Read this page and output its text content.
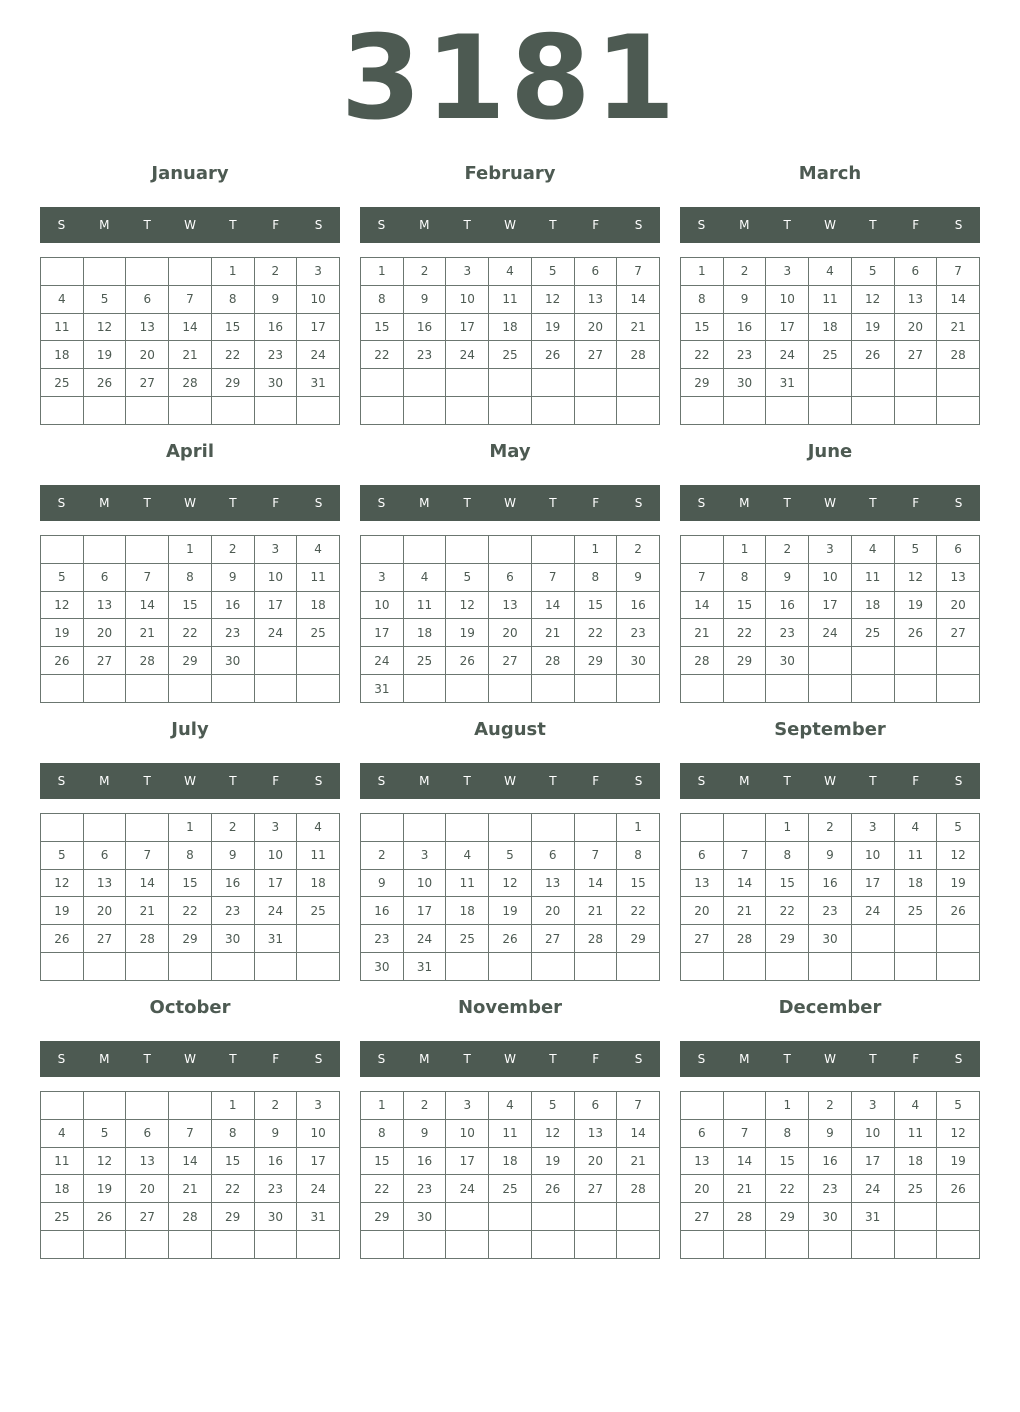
3181
January
S	M	T	W	T	F	S
				1	2	3
4	5	6	7	8	9	10
11	12	13	14	15	16	17
18	19	20	21	22	23	24
25	26	27	28	29	30	31

February
S	M	T	W	T	F	S
1	2	3	4	5	6	7
8	9	10	11	12	13	14
15	16	17	18	19	20	21
22	23	24	25	26	27	28

March
S	M	T	W	T	F	S
1	2	3	4	5	6	7
8	9	10	11	12	13	14
15	16	17	18	19	20	21
22	23	24	25	26	27	28
29	30	31				

April
S	M	T	W	T	F	S
			1	2	3	4
5	6	7	8	9	10	11
12	13	14	15	16	17	18
19	20	21	22	23	24	25
26	27	28	29	30		

May
S	M	T	W	T	F	S
					1	2
3	4	5	6	7	8	9
10	11	12	13	14	15	16
17	18	19	20	21	22	23
24	25	26	27	28	29	30
31						
June
S	M	T	W	T	F	S
	1	2	3	4	5	6
7	8	9	10	11	12	13
14	15	16	17	18	19	20
21	22	23	24	25	26	27
28	29	30				

July
S	M	T	W	T	F	S
			1	2	3	4
5	6	7	8	9	10	11
12	13	14	15	16	17	18
19	20	21	22	23	24	25
26	27	28	29	30	31	

August
S	M	T	W	T	F	S
						1
2	3	4	5	6	7	8
9	10	11	12	13	14	15
16	17	18	19	20	21	22
23	24	25	26	27	28	29
30	31					
September
S	M	T	W	T	F	S
		1	2	3	4	5
6	7	8	9	10	11	12
13	14	15	16	17	18	19
20	21	22	23	24	25	26
27	28	29	30			

October
S	M	T	W	T	F	S
				1	2	3
4	5	6	7	8	9	10
11	12	13	14	15	16	17
18	19	20	21	22	23	24
25	26	27	28	29	30	31

November
S	M	T	W	T	F	S
1	2	3	4	5	6	7
8	9	10	11	12	13	14
15	16	17	18	19	20	21
22	23	24	25	26	27	28
29	30					

December
S	M	T	W	T	F	S
		1	2	3	4	5
6	7	8	9	10	11	12
13	14	15	16	17	18	19
20	21	22	23	24	25	26
27	28	29	30	31		
